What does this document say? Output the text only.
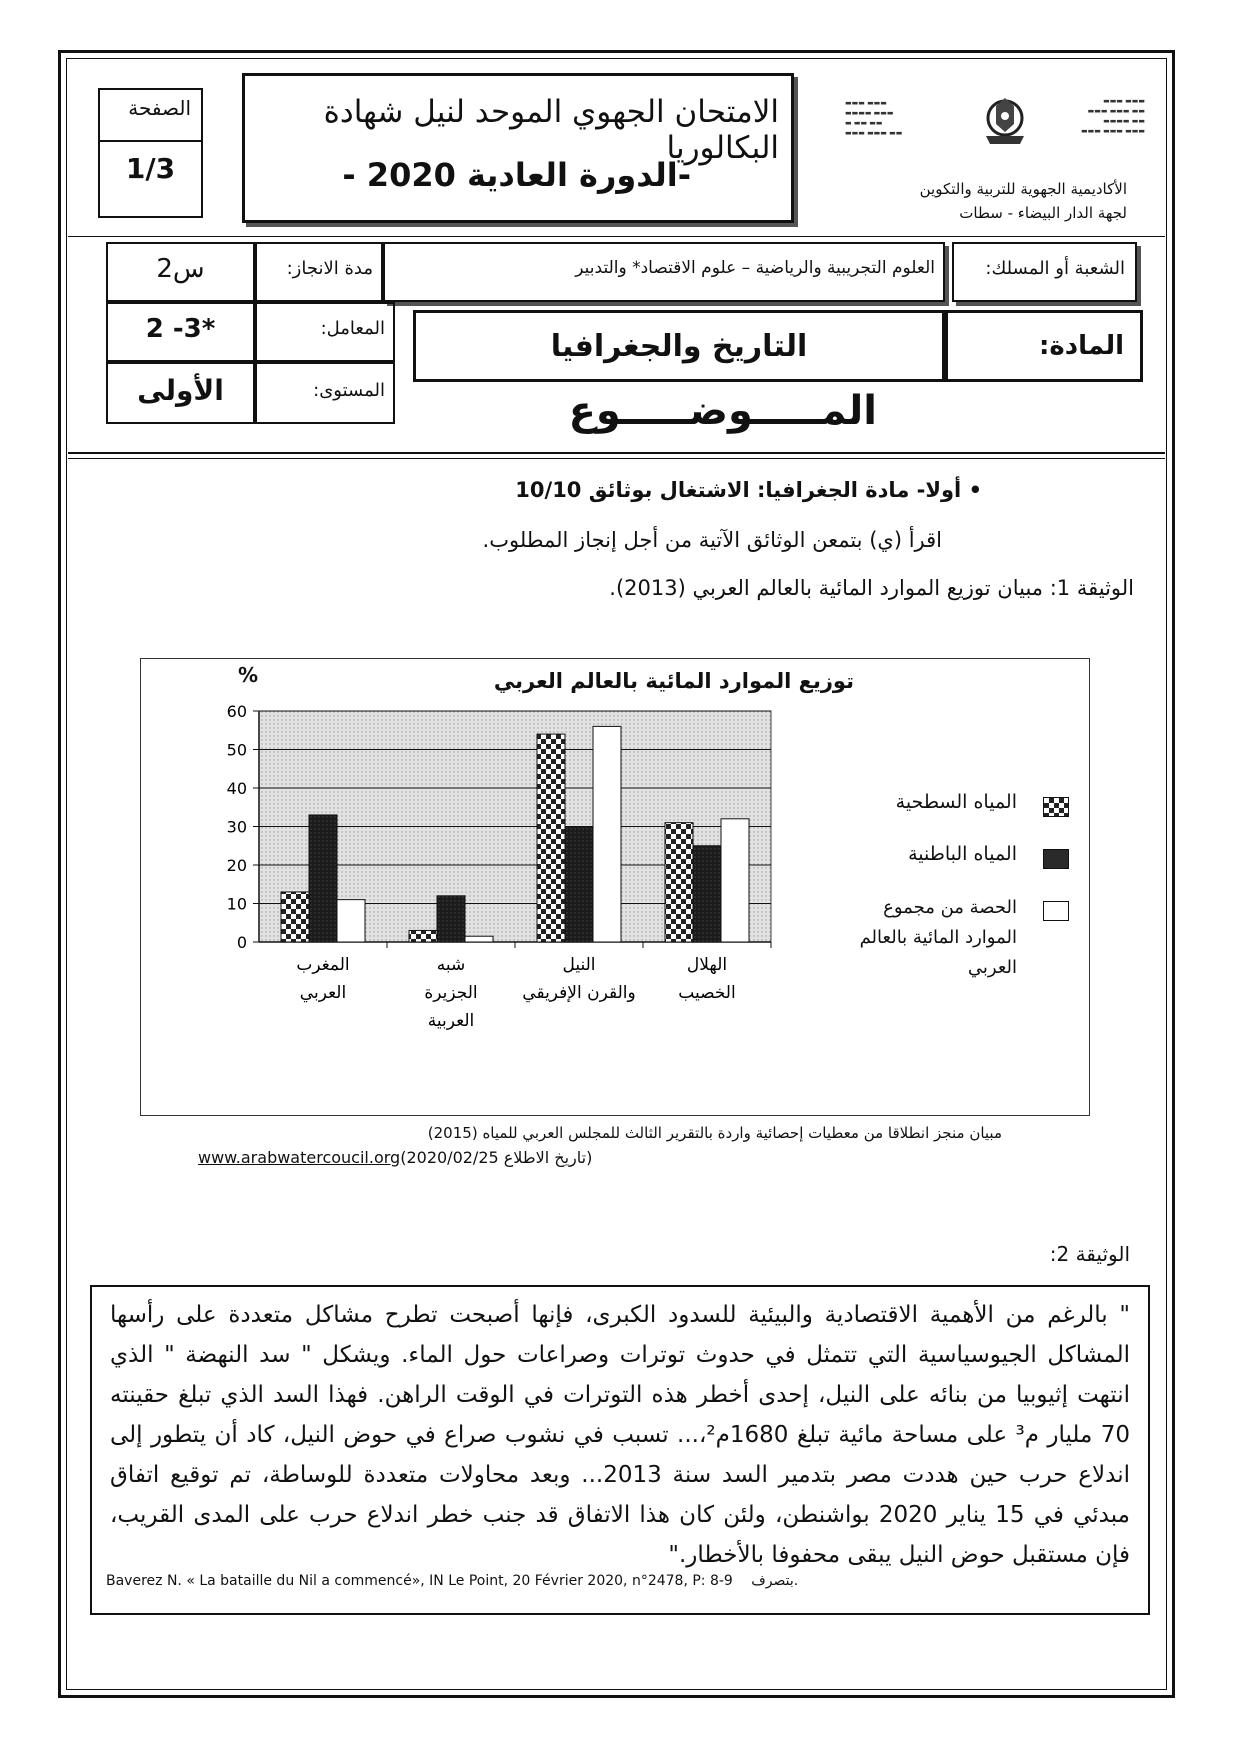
الصفحة
1/3
الامتحان الجهوي الموحد لنيل شهادة البكالوريا
-الدورة العادية 2020 -
▬▬▬ ▬▬▬
▬▬▬▬ ▬▬▬
▬ ▬▬ ▬▬
▬▬▬ ▬▬▬ ▬▬
▬▬▬ ▬▬▬
▬▬▬ ▬▬▬ ▬▬
▬▬▬▬ ▬▬
▬▬▬ ▬▬▬ ▬▬▬
الأكاديمية الجهوية للتربية والتكوين
لجهة الدار البيضاء - سطات
الشعبة أو المسلك:
العلوم التجريبية والرياضية – علوم الاقتصاد* والتدبير
مدة الانجاز:
2س
المعامل:
2 -3*
المستوى:
الأولى
المادة:
التاريخ والجغرافيا
المـــــوضـــــوع
• أولا- مادة الجغرافيا: الاشتغال بوثائق 10/10
اقرأ (ي) بتمعن الوثائق الآتية من أجل إنجاز المطلوب.
الوثيقة 1: مبيان توزيع الموارد المائية بالعالم العربي (2013).
0
10
20
30
40
50
60
المغرب العربي
شبه الجزيرة العربية
النيل والقرن الإفريقي
الهلال الخصيب
توزيع الموارد المائية بالعالم العربي
%
المياه السطحية
المياه الباطنية
الحصة من مجموع الموارد المائية بالعالم العربي
مبيان منجز انطلاقا من معطيات إحصائية واردة بالتقرير الثالث للمجلس العربي للمياه (2015)
www.arabwatercoucil.org(تاريخ الاطلاع 2020/02/25)
الوثيقة 2:
" بالرغم من الأهمية الاقتصادية والبيئية للسدود الكبرى، فإنها أصبحت تطرح مشاكل متعددة على رأسها المشاكل الجيوسياسية التي تتمثل في حدوث توترات وصراعات حول الماء. ويشكل " سد النهضة " الذي انتهت إثيوبيا من بنائه على النيل، إحدى أخطر هذه التوترات في الوقت الراهن. فهذا السد الذي تبلغ حقينته 70 مليار م³ على مساحة مائية تبلغ 1680م²،... تسبب في نشوب صراع في حوض النيل، كاد أن يتطور إلى اندلاع حرب حين هددت مصر بتدمير السد سنة 2013... وبعد محاولات متعددة للوساطة، تم توقيع اتفاق مبدئي في 15 يناير 2020 بواشنطن، ولئن كان هذا الاتفاق قد جنب خطر اندلاع حرب على المدى القريب، فإن مستقبل حوض النيل يبقى محفوفا بالأخطار."
Baverez N. « La bataille du Nil a commencé», IN Le Point, 20 Février 2020, n°2478, P: 8-9 بتصرف.
